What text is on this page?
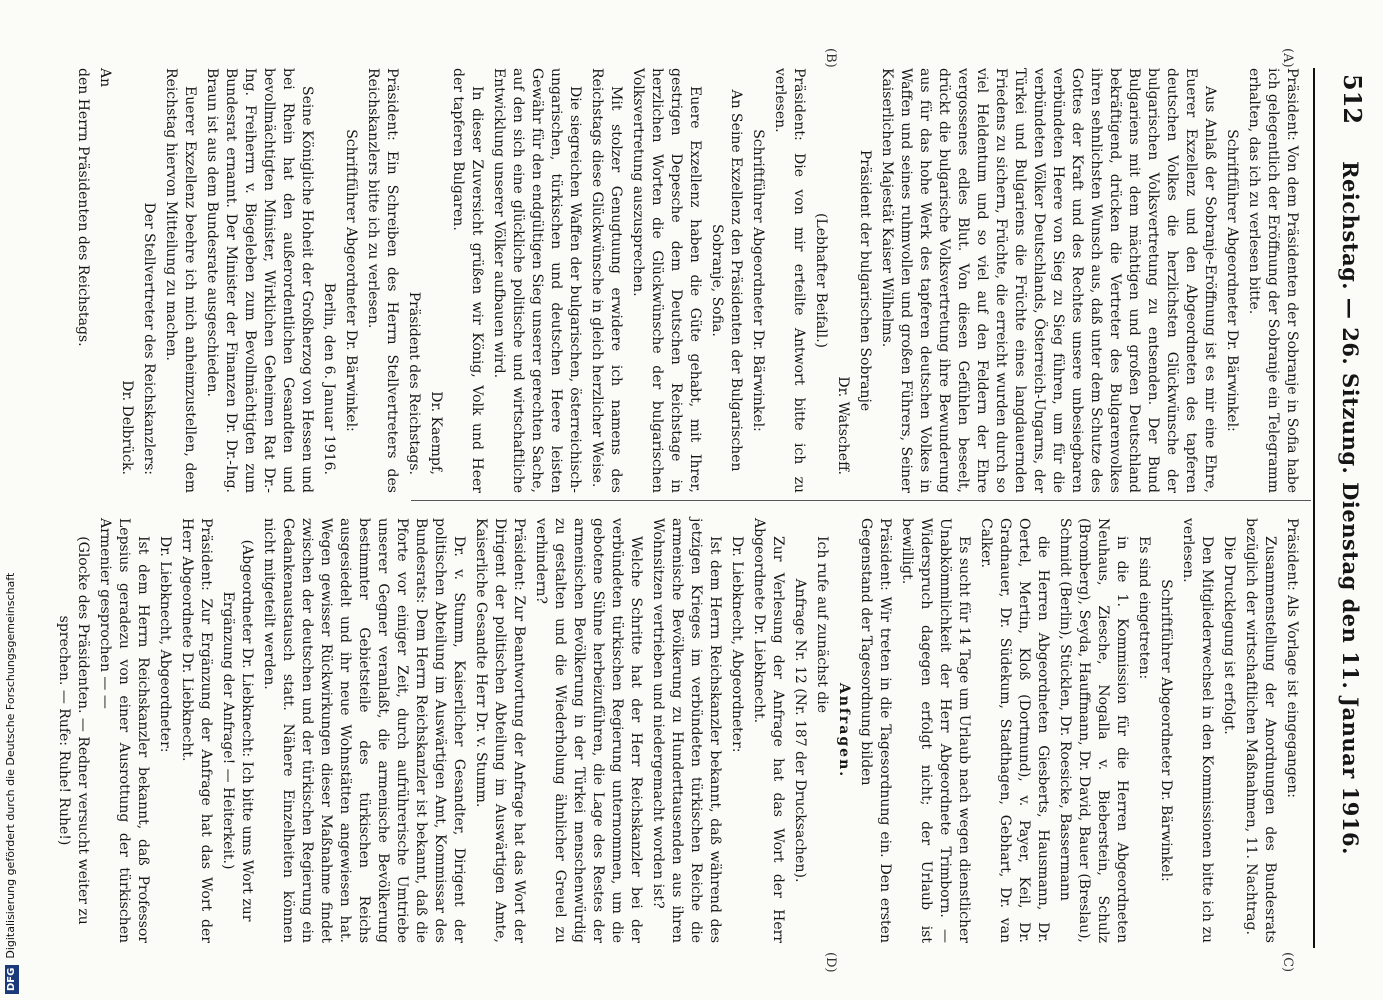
512
Reichstag. — 26. Sitzung. Dienstag den 11. Januar 1916.
(A)
(B)
(C)
(D)

Präsident: Von dem Präsidenten der Sobranje in Sofia habe ich gelegentlich der Eröffnung der Sobranje ein Telegramm erhalten, das ich zu verlesen bitte.

Schriftführer Abgeordneter Dr. Bärwinkel:

Aus Anlaß der Sobranje-Eröffnung ist es mir eine Ehre, Euerer Exzellenz und den Abgeordneten des tapferen deutschen Volkes die herzlichsten Glückwünsche der bulgarischen Volksvertretung zu entsenden. Der Bund Bulgariens mit dem mächtigen und großen Deutschland bekräftigend, drücken die Vertreter des Bulgarenvolkes ihren sehnlichsten Wunsch aus, daß unter dem Schutze des Gottes der Kraft und des Rechtes unsere unbesiegbaren verbündeten Heere von Sieg zu Sieg führen, um für die verbündeten Völker Deutschlands, Österreich-Ungarns, der Türkei und Bulgariens die Früchte eines langdauernden Friedens zu sichern, Früchte, die erreicht wurden durch so viel Heldentum und so viel auf den Feldern der Ehre vergossenes edles Blut. Von diesen Gefühlen beseelt, drückt die bulgarische Volksvertretung ihre Bewunderung aus für das hohe Werk des tapferen deutschen Volkes in Waffen und seines ruhmvollen und großen Führers, Seiner Kaiserlichen Majestät Kaiser Wilhelms.

Präsident der bulgarischen Sobranje

Dr. Watscheff.

(Lebhafter Beifall.)

Präsident: Die von mir erteilte Antwort bitte ich zu verlesen.

Schriftführer Abgeordneter Dr. Bärwinkel:

An Seine Exzellenz den Präsidenten der Bulgarischen Sobranje, Sofia.

Euere Exzellenz haben die Güte gehabt, mit Ihrer, gestrigen Depesche dem Deutschen Reichstage in herzlichen Worten die Glückwünsche der bulgarischen Volksvertretung auszusprechen.

Mit stolzer Genugtuung erwidere ich namens des Reichstags diese Glückwünsche in gleich herzlicher Weise.

Die siegreichen Waffen der bulgarischen, österreichisch-ungarischen, türkischen und deutschen Heere leisten Gewähr für den endgültigen Sieg unserer gerechten Sache, auf den sich eine glückliche politische und wirtschaftliche Entwicklung unserer Völker aufbauen wird.

In dieser Zuversicht grüßen wir König, Volk und Heer der tapferen Bulgaren.

Dr. Kaempf,

Präsident des Reichstags.

Präsident: Ein Schreiben des Herrn Stellvertreters des Reichskanzlers bitte ich zu verlesen.

Schriftführer Abgeordneter Dr. Bärwinkel:

Berlin, den 6. Januar 1916.

Seine Königliche Hoheit der Großherzog von Hessen und bei Rhein hat den außerordentlichen Gesandten und bevollmächtigten Minister, Wirklichen Geheimen Rat Dr.-Ing. Freiherrn v. Biegeleben zum Bevollmächtigten zum Bundesrat ernannt. Der Minister der Finanzen Dr. Dr.-Ing. Braun ist aus dem Bundesrate ausgeschieden.

Euerer Exzellenz beehre ich mich anheimzustellen, dem Reichstag hiervon Mitteilung zu machen.

Der Stellvertreter des Reichskanzlers:

Dr. Delbrück.

An

den Herrn Präsidenten des Reichstags.

Präsident: Als Vorlage ist eingegangen:

Zusammenstellung der Anordnungen des Bundesrats bezüglich der wirtschaftlichen Maßnahmen, 11. Nachtrag.

Die Drucklegung ist erfolgt.

Den Mitgliederwechsel in den Kommissionen bitte ich zu verlesen.

Schriftführer Abgeordneter Dr. Bärwinkel:

Es sind eingetreten:

in die 1. Kommission für die Herren Abgeordneten Neuhaus, Ziesche, Nogalla v. Bieberstein, Schulz (Bromberg), Seyda, Hauffmann, Dr. David, Bauer (Breslau), Schmidt (Berlin), Stücklen, Dr. Roesicke, Bassermann

die Herren Abgeordneten Giesberts, Hausmann, Dr. Oertel, Mertin, Kloß (Dortmund), v. Payer, Keil, Dr. Gradnauer, Dr. Südekum, Stadthagen, Gebhart, Dr. van Calker.

Es sucht für 14 Tage um Urlaub nach wegen dienstlicher Unabkömmlichkeit der Herr Abgeordnete Trimborn. — Widerspruch dagegen erfolgt nicht; der Urlaub ist bewilligt.

Präsident: Wir treten in die Tagesordnung ein. Den ersten Gegenstand der Tagesordnung bilden

Anfragen.

Ich rufe auf zunächst die

Anfrage Nr. 12 (Nr. 187 der Drucksachen).

Zur Verlesung der Anfrage hat das Wort der Herr Abgeordnete Dr. Liebknecht.

Dr. Liebknecht, Abgeordneter:

Ist dem Herrn Reichskanzler bekannt, daß während des jetzigen Krieges im verbündeten türkischen Reiche die armenische Bevölkerung zu Hunderttausenden aus ihren Wohnsitzen vertrieben und niedergemacht worden ist?

Welche Schritte hat der Herr Reichskanzler bei der verbündeten türkischen Regierung unternommen, um die gebotene Sühne herbeizuführen, die Lage des Restes der armenischen Bevölkerung in der Türkei menschenwürdig zu gestalten und die Wiederholung ähnlicher Greuel zu verhindern?

Präsident: Zur Beantwortung der Anfrage hat das Wort der Dirigent der politischen Abteilung im Auswärtigen Amte, Kaiserliche Gesandte Herr Dr. v. Stumm.

Dr. v. Stumm, Kaiserlicher Gesandter, Dirigent der politischen Abteilung im Auswärtigen Amt, Kommissar des Bundesrats: Dem Herrn Reichskanzler ist bekannt, daß die Pforte vor einiger Zeit, durch aufrührerische Umtriebe unserer Gegner veranlaßt, die armenische Bevölkerung bestimmter Gebietsteile des türkischen Reichs ausgesiedelt und ihr neue Wohnstätten angewiesen hat. Wegen gewisser Rückwirkungen dieser Maßnahme findet zwischen der deutschen und der türkischen Regierung ein Gedankenaustausch statt. Nähere Einzelheiten können nicht mitgeteilt werden.

(Abgeordneter Dr. Liebknecht: Ich bitte ums Wort zur Ergänzung der Anfrage! — Heiterkeit.)

Präsident: Zur Ergänzung der Anfrage hat das Wort der Herr Abgeordnete Dr. Liebknecht.

Dr. Liebknecht, Abgeordneter:

Ist dem Herrn Reichskanzler bekannt, daß Professor Lepsius geradezu von einer Ausrottung der türkischen Armenier gesprochen — —

(Glocke des Präsidenten. — Redner versucht weiter zu sprechen. — Rufe: Ruhe! Ruhe!)

DFGDigitalisierung gefördert durch die Deutsche Forschungsgemeinschaft
